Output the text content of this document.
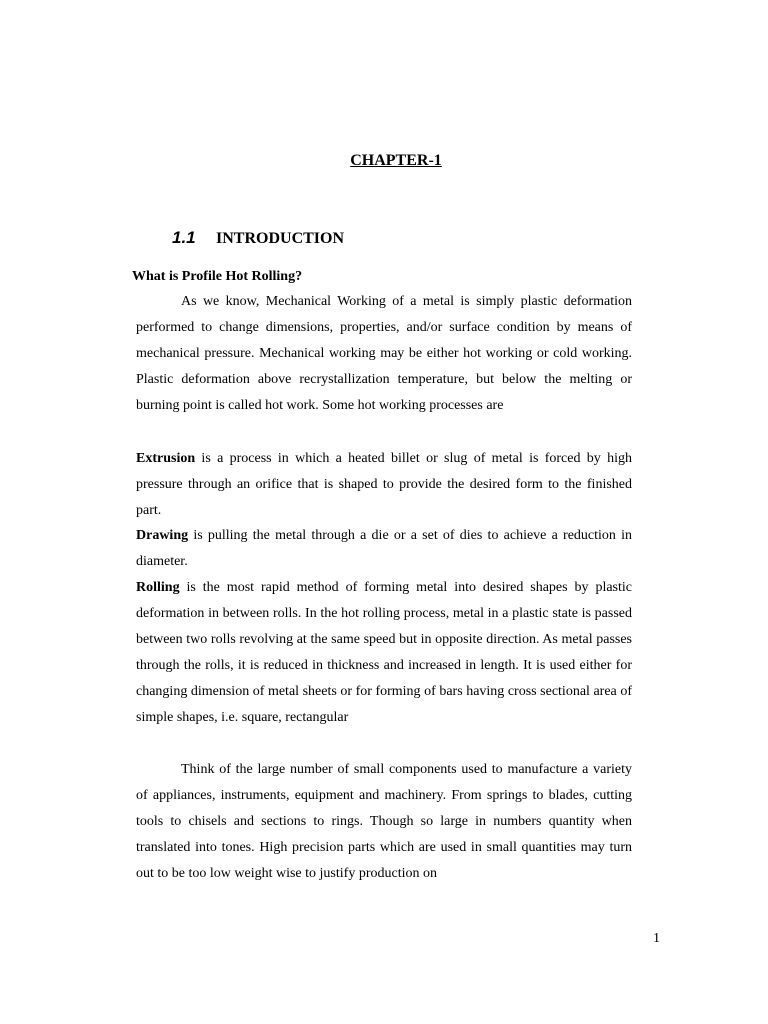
CHAPTER-1
1.1 INTRODUCTION
What is Profile Hot Rolling?

As we know, Mechanical Working of a metal is simply plastic deformation performed to change dimensions, properties, and/or surface condition by means of mechanical pressure. Mechanical working may be either hot working or cold working. Plastic deformation above recrystallization temperature, but below the melting or burning point is called hot work. Some hot working processes are

Extrusion is a process in which a heated billet or slug of metal is forced by high pressure through an orifice that is shaped to provide the desired form to the finished part.

Drawing is pulling the metal through a die or a set of dies to achieve a reduction in diameter.

Rolling is the most rapid method of forming metal into desired shapes by plastic deformation in between rolls. In the hot rolling process, metal in a plastic state is passed between two rolls revolving at the same speed but in opposite direction. As metal passes through the rolls, it is reduced in thickness and increased in length. It is used either for changing dimension of metal sheets or for forming of bars having cross sectional area of simple shapes, i.e. square, rectangular

Think of the large number of small components used to manufacture a variety of appliances, instruments, equipment and machinery. From springs to blades, cutting tools to chisels and sections to rings. Though so large in numbers quantity when translated into tones. High precision parts which are used in small quantities may turn out to be too low weight wise to justify production on

1
